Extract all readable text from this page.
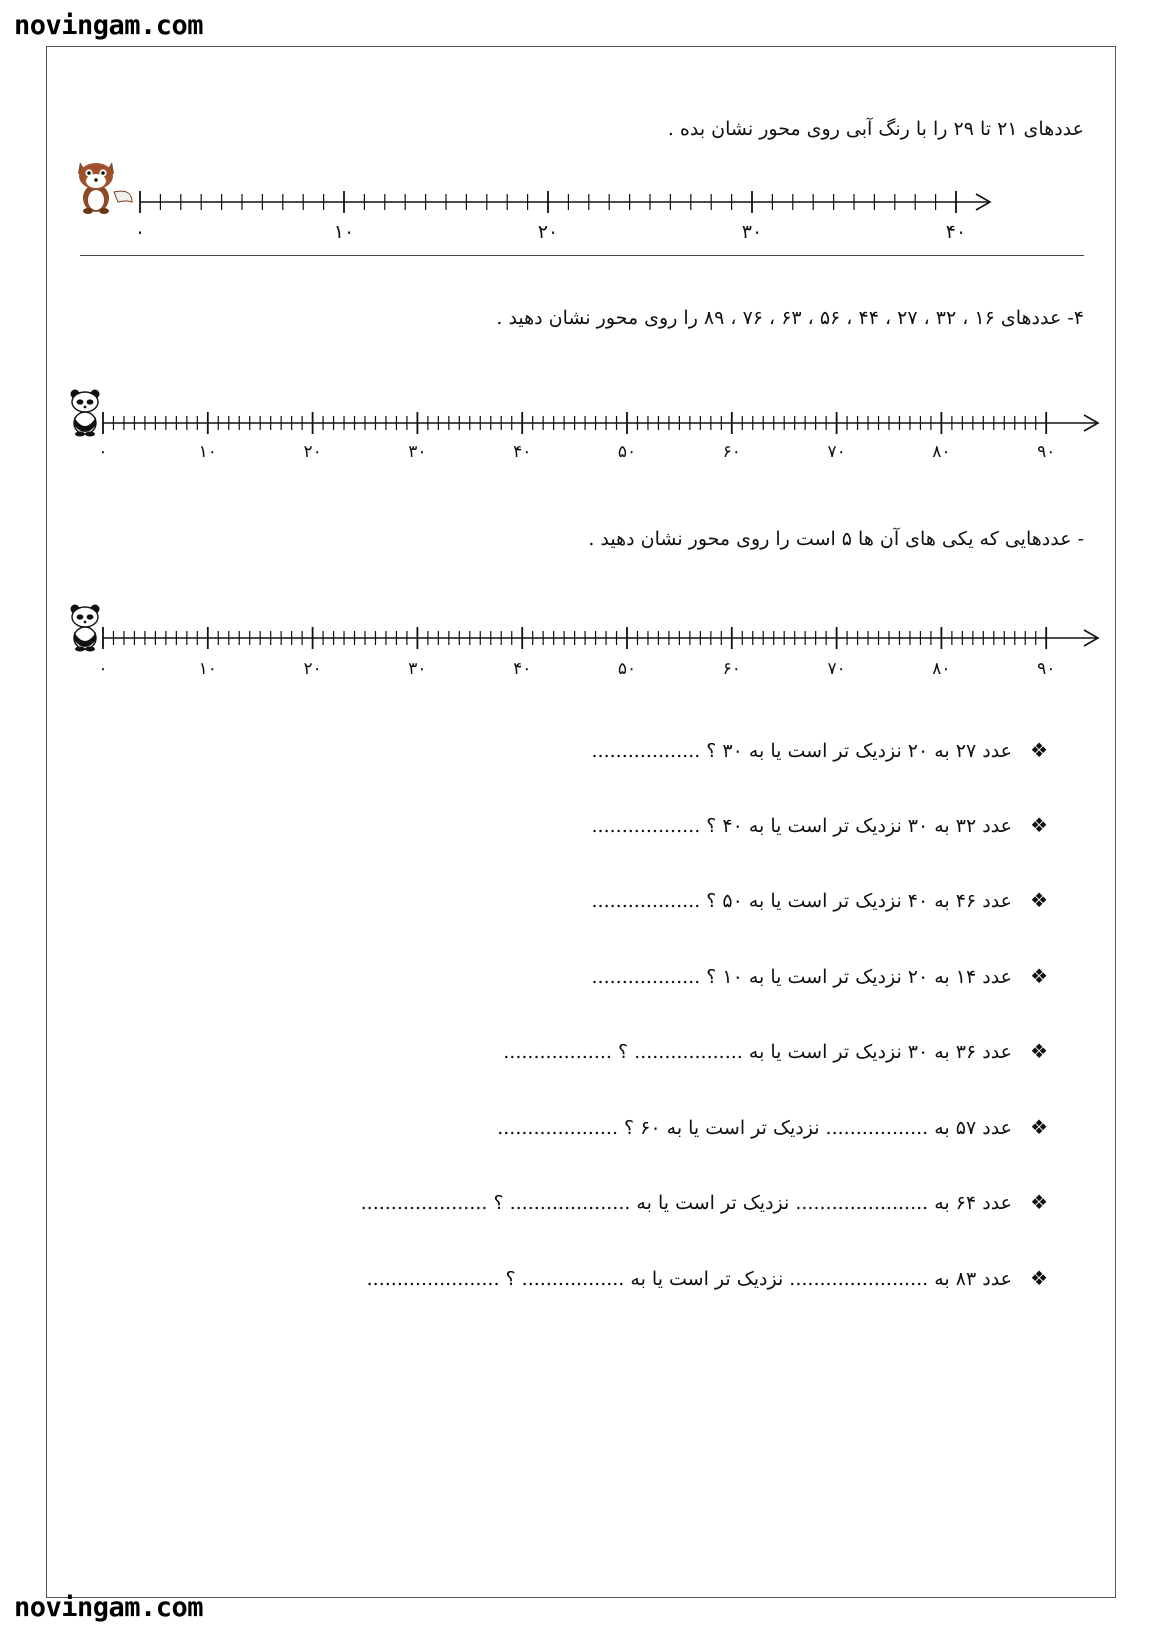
novingam.com
عددهای ۲۱ تا ۲۹ را با رنگ آبی روی محور نشان بده .
۰	۱۰	۲۰	۳۰	۴۰
۴- عددهای ۱۶ ، ۳۲ ، ۲۷ ، ۴۴ ، ۵۶ ، ۶۳ ، ۷۶ ، ۸۹ را روی محور نشان دهید .
۰	۱۰	۲۰	۳۰	۴۰	۵۰	۶۰	۷۰	۸۰	۹۰
- عددهایی که یکی های آن ها ۵ است را روی محور نشان دهید .
۰	۱۰	۲۰	۳۰	۴۰	۵۰	۶۰	۷۰	۸۰	۹۰
❖عدد ۲۷ به ۲۰ نزدیک تر است یا به ۳۰ ؟ ..................
❖عدد ۳۲ به ۳۰ نزدیک تر است یا به ۴۰ ؟ ..................
❖عدد ۴۶ به ۴۰ نزدیک تر است یا به ۵۰ ؟ ..................
❖عدد ۱۴ به ۲۰ نزدیک تر است یا به ۱۰ ؟ ..................
❖عدد ۳۶ به ۳۰ نزدیک تر است یا به .................. ؟ ..................
❖عدد ۵۷ به ................. نزدیک تر است یا به ۶۰ ؟ ....................
❖عدد ۶۴ به ...................... نزدیک تر است یا به .................... ؟ .....................
❖عدد ۸۳ به ....................... نزدیک تر است یا به ................. ؟ ......................
novingam.com
